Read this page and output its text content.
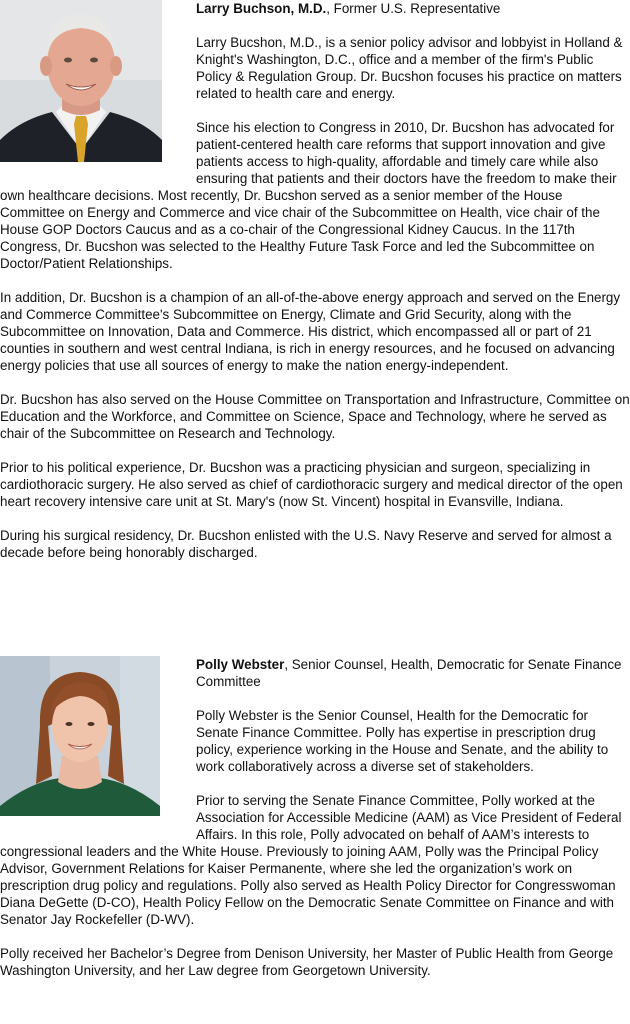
Larry Buchson, M.D., Former U.S. Representative

Larry Bucshon, M.D., is a senior policy advisor and lobbyist in Holland & Knight's Washington, D.C., office and a member of the firm's Public Policy & Regulation Group. Dr. Bucshon focuses his practice on matters related to health care and energy.

Since his election to Congress in 2010, Dr. Bucshon has advocated for patient-centered health care reforms that support innovation and give patients access to high-quality, affordable and timely care while also ensuring that patients and their doctors have the freedom to make their own healthcare decisions. Most recently, Dr. Bucshon served as a senior member of the House Committee on Energy and Commerce and vice chair of the Subcommittee on Health, vice chair of the House GOP Doctors Caucus and as a co-chair of the Congressional Kidney Caucus. In the 117th Congress, Dr. Bucshon was selected to the Healthy Future Task Force and led the Subcommittee on Doctor/Patient Relationships.

In addition, Dr. Bucshon is a champion of an all-of-the-above energy approach and served on the Energy and Commerce Committee's Subcommittee on Energy, Climate and Grid Security, along with the Subcommittee on Innovation, Data and Commerce. His district, which encompassed all or part of 21 counties in southern and west central Indiana, is rich in energy resources, and he focused on advancing energy policies that use all sources of energy to make the nation energy-independent.

Dr. Bucshon has also served on the House Committee on Transportation and Infrastructure, Committee on Education and the Workforce, and Committee on Science, Space and Technology, where he served as chair of the Subcommittee on Research and Technology.

Prior to his political experience, Dr. Bucshon was a practicing physician and surgeon, specializing in cardiothoracic surgery. He also served as chief of cardiothoracic surgery and medical director of the open heart recovery intensive care unit at St. Mary's (now St. Vincent) hospital in Evansville, Indiana.

During his surgical residency, Dr. Bucshon enlisted with the U.S. Navy Reserve and served for almost a decade before being honorably discharged.

Polly Webster, Senior Counsel, Health, Democratic for Senate Finance Committee

Polly Webster is the Senior Counsel, Health for the Democratic for Senate Finance Committee. Polly has expertise in prescription drug policy, experience working in the House and Senate, and the ability to work collaboratively across a diverse set of stakeholders.

Prior to serving the Senate Finance Committee, Polly worked at the Association for Accessible Medicine (AAM) as Vice President of Federal Affairs. In this role, Polly advocated on behalf of AAM’s interests to congressional leaders and the White House. Previously to joining AAM, Polly was the Principal Policy Advisor, Government Relations for Kaiser Permanente, where she led the organization’s work on prescription drug policy and regulations. Polly also served as Health Policy Director for Congresswoman Diana DeGette (D-CO), Health Policy Fellow on the Democratic Senate Committee on Finance and with Senator Jay Rockefeller (D-WV).

Polly received her Bachelor’s Degree from Denison University, her Master of Public Health from George Washington University, and her Law degree from Georgetown University.
